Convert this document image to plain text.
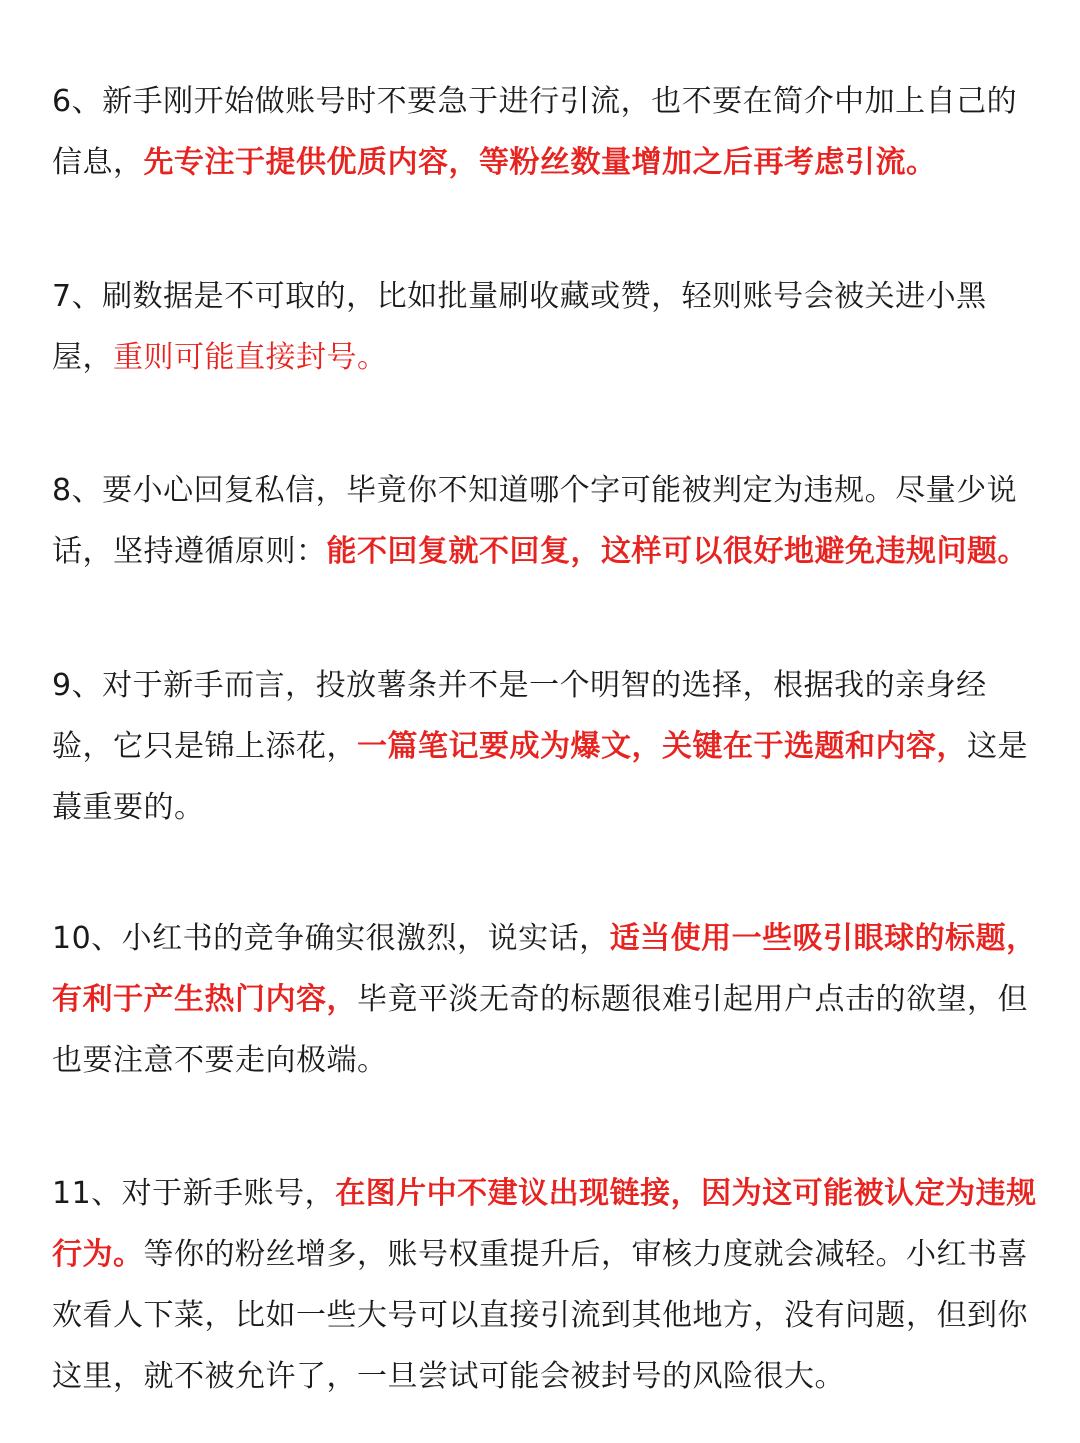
6、新手刚开始做账号时不要急于进行引流，也不要在简介中加上自己的信息，先专注于提供优质内容，等粉丝数量增加之后再考虑引流。

7、刷数据是不可取的，比如批量刷收藏或赞，轻则账号会被关进小黑屋，重则可能直接封号。

8、要小心回复私信，毕竟你不知道哪个字可能被判定为违规。尽量少说话，坚持遵循原则：能不回复就不回复，这样可以很好地避免违规问题。

9、对于新手而言，投放薯条并不是一个明智的选择，根据我的亲身经验，它只是锦上添花，一篇笔记要成为爆文，关键在于选题和内容，这是蕞重要的。

10、小红书的竞争确实很激烈，说实话，适当使用一些吸引眼球的标题，有利于产生热门内容，毕竟平淡无奇的标题很难引起用户点击的欲望，但也要注意不要走向极端。

11、对于新手账号，在图片中不建议出现链接，因为这可能被认定为违规行为。等你的粉丝增多，账号权重提升后，审核力度就会减轻。小红书喜欢看人下菜，比如一些大号可以直接引流到其他地方，没有问题，但到你这里，就不被允许了，一旦尝试可能会被封号的风险很大。
